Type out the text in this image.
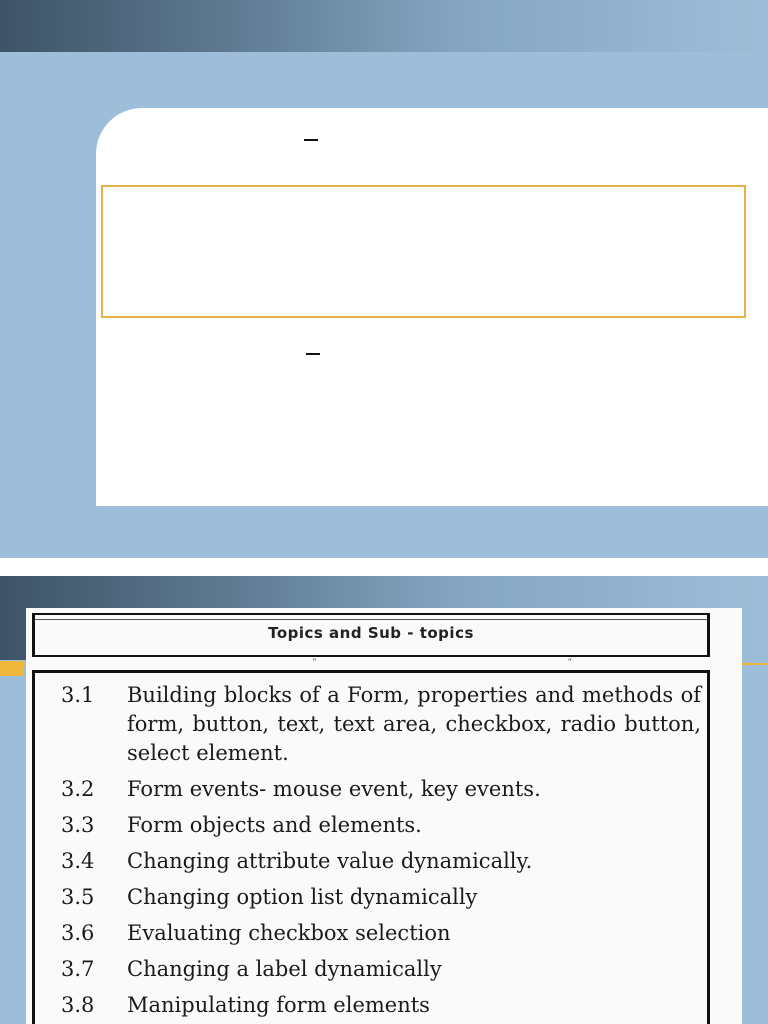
Topics and Sub - topics
“	“
3.1	Building blocks of a Form, properties and methods of form, button, text, text area, checkbox, radio button, select element.
3.2	Form events- mouse event, key events.
3.3	Form objects and elements.
3.4	Changing attribute value dynamically.
3.5	Changing option list dynamically
3.6	Evaluating checkbox selection
3.7	Changing a label dynamically
3.8	Manipulating form elements
